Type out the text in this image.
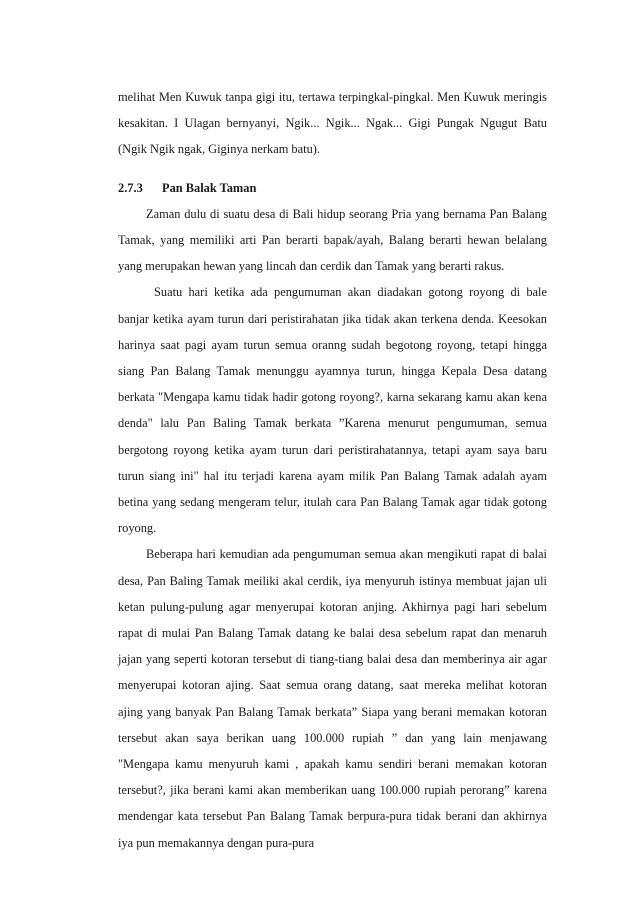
melihat Men Kuwuk tanpa gigi itu, tertawa terpingkal-pingkal. Men Kuwuk meringis kesakitan. I Ulagan bernyanyi, Ngik... Ngik... Ngak... Gigi Pungak Ngugut Batu (Ngik Ngik ngak, Giginya nerkam batu).

2.7.3	Pan Balak Taman

Zaman dulu di suatu desa di Bali hidup seorang Pria yang bernama Pan Balang Tamak, yang memiliki arti Pan berarti bapak/ayah, Balang berarti hewan belalang yang merupakan hewan yang lincah dan cerdik dan Tamak yang berarti rakus.

Suatu hari ketika ada pengumuman akan diadakan gotong royong di bale banjar ketika ayam turun dari peristirahatan jika tidak akan terkena denda. Keesokan harinya saat pagi ayam turun semua oranng sudah begotong royong, tetapi hingga siang Pan Balang Tamak menunggu ayamnya turun, hingga Kepala Desa datang berkata "Mengapa kamu tidak hadir gotong royong?, karna sekarang kamu akan kena denda" lalu Pan Baling Tamak berkata ”Karena menurut pengumuman, semua bergotong royong ketika ayam turun dari peristirahatannya, tetapi ayam saya baru turun siang ini" hal itu terjadi karena ayam milik Pan Balang Tamak adalah ayam betina yang sedang mengeram telur, itulah cara Pan Balang Tamak agar tidak gotong royong.

Beberapa hari kemudian ada pengumuman semua akan mengikuti rapat di balai desa, Pan Baling Tamak meiliki akal cerdik, iya menyuruh istinya membuat jajan uli ketan pulung-pulung agar menyerupai kotoran anjing. Akhirnya pagi hari sebelum rapat di mulai Pan Balang Tamak datang ke balai desa sebelum rapat dan menaruh jajan yang seperti kotoran tersebut di tiang-tiang balai desa dan memberinya air agar menyerupai kotoran ajing. Saat semua orang datang, saat mereka melihat kotoran ajing yang banyak Pan Balang Tamak berkata” Siapa yang berani memakan kotoran tersebut akan saya berikan uang 100.000 rupiah ” dan yang lain menjawang "Mengapa kamu menyuruh kami , apakah kamu sendiri berani memakan kotoran tersebut?, jika berani kami akan memberikan uang 100.000 rupiah perorang” karena mendengar kata tersebut Pan Balang Tamak berpura-pura tidak berani dan akhirnya iya pun memakannya dengan pura-pura
